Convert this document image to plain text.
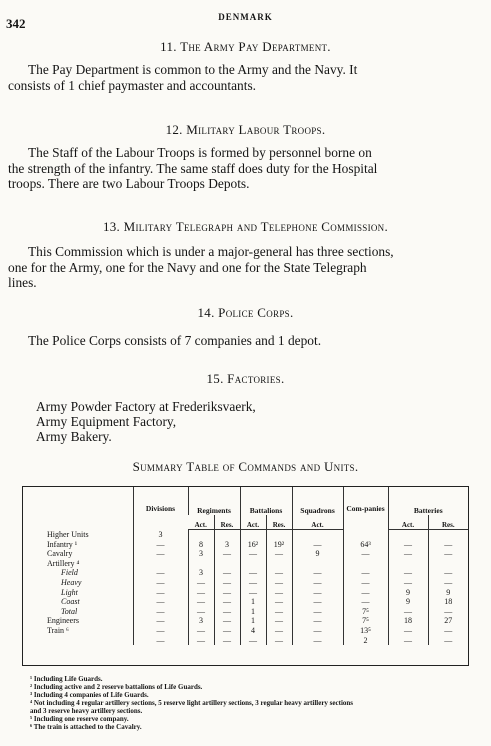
342	DENMARK
11. The Army Pay Department.
The Pay Department is common to the Army and the Navy. It
consists of 1 chief paymaster and accountants.
12. Military Labour Troops.
The Staff of the Labour Troops is formed by personnel borne on
the strength of the infantry. The same staff does duty for the Hospital
troops. There are two Labour Troops Depots.
13. Military Telegraph and Telephone Commission.
This Commission which is under a major-general has three sections,
one for the Army, one for the Navy and one for the State Telegraph
lines.
14. Police Corps.
The Police Corps consists of 7 companies and 1 depot.
15. Factories.
Army Powder Factory at Frederiksvaerk,
Army Equipment Factory,
Army Bakery.
Summary Table of Commands and Units.
	Divisions	Regiments		Battalions		Squadrons	Com-panies	Batteries	
		Act.	Res.	Act.	Res.	Act.		Act.	Res.
Higher Units	3								
Infantry ¹	—	8	3	16²	19²	—	64³	—	—
Cavalry	—	3	—	—	—	9	—	—	—
Artillery ⁴									
Field	—	3	—	—	—	—	—	—	—
Heavy	—	—	—	—	—	—	—	—	—
Light	—	—	—	—	—	—	—	9	9
Coast	—	—	—	1	—	—	—	9	18
Total	—	—	—	1	—	—	7⁵	—	—
Engineers	—	3	—	1	—	—	7⁵	18	27
Train ⁶	—	—	—	4	—	—	13⁵	—	—
	—	—	—	—	—	—	2	—	—
¹ Including Life Guards.
² Including active and 2 reserve battalions of Life Guards.
³ Including 4 companies of Life Guards.
⁴ Not including 4 regular artillery sections, 5 reserve light artillery sections, 3 regular heavy artillery sections
and 3 reserve heavy artillery sections.
⁵ Including one reserve company.
⁶ The train is attached to the Cavalry.
